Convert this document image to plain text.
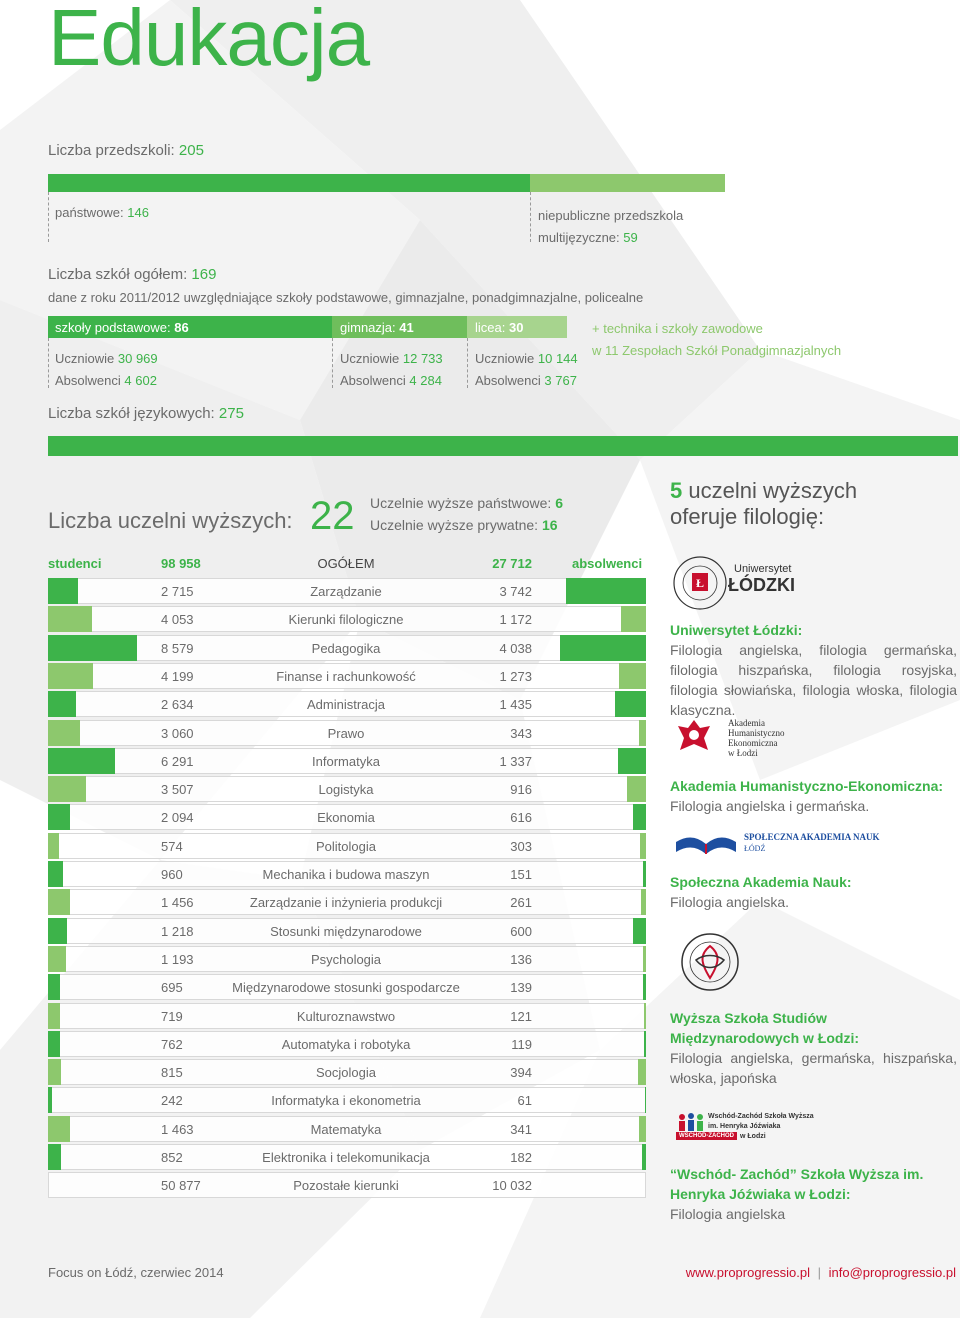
Edukacja
Liczba przedszkoli: 205
państwowe: 146	niepubliczne przedszkola
multijęzyczne: 59
Liczba szkół ogółem: 169
dane z roku 2011/2012 uwzględniające szkoły podstawowe, gimnazjalne, ponadgimnazjalne, policealne
szkoły podstawowe: 86	gimnazja: 41	licea: 30
Uczniowie 30 969
Absolwenci 4 602
Uczniowie 12 733
Absolwenci 4 284
Uczniowie 10 144
Absolwenci 3 767
+ technika i szkoły zawodowe
w 11 Zespołach Szkół Ponadgimnazjalnych
Liczba szkół językowych: 275
Liczba uczelni wyższych: 22 Uczelnie wyższe państwowe: 6
Uczelnie wyższe prywatne: 16
studenci	98 958	OGÓŁEM	27 712	absolwenci
2 715	Zarządzanie	3 742
4 053	Kierunki filologiczne	1 172
8 579	Pedagogika	4 038
4 199	Finanse i rachunkowość	1 273
2 634	Administracja	1 435
3 060	Prawo	343
6 291	Informatyka	1 337
3 507	Logistyka	916
2 094	Ekonomia	616
574	Politologia	303
960	Mechanika i budowa maszyn	151
1 456	Zarządzanie i inżynieria produkcji	261
1 218	Stosunki międzynarodowe	600
1 193	Psychologia	136
695	Międzynarodowe stosunki gospodarcze	139
719	Kulturoznawstwo	121
762	Automatyka i robotyka	119
815	Socjologia	394
242	Informatyka i ekonometria	61
1 463	Matematyka	341
852	Elektronika i telekomunikacja	182
50 877	Pozostałe kierunki	10 032
5 uczelni wyższych
oferuje filologię:
Ł
Uniwersytet
ŁÓDZKI
Uniwersytet Łódzki:
Filologia angielska, filologia germańska, filologia hiszpańska, filologia rosyjska, filologia słowiańska, filologia włoska, filologia klasyczna.
Akademia
Humanistyczno
Ekonomiczna
w Łodzi
Akademia Humanistyczno-Ekonomiczna:
Filologia angielska i germańska.
SPOŁECZNA AKADEMIA NAUK
ŁÓDŹ
Społeczna Akademia Nauk:
Filologia angielska.
Wyższa Szkoła Studiów
Międzynarodowych w Łodzi:
Filologia angielska, germańska, hiszpańska, włoska, japońska
Wschód-Zachód Szkoła Wyższa
im. Henryka Jóźwiaka
w Łodzi
WSCHÓD-ZACHÓD
“Wschód- Zachód” Szkoła Wyższa im.
Henryka Jóźwiaka w Łodzi:
Filologia angielska
Focus on Łódź, czerwiec 2014	www.proprogressio.pl | info@proprogressio.pl
